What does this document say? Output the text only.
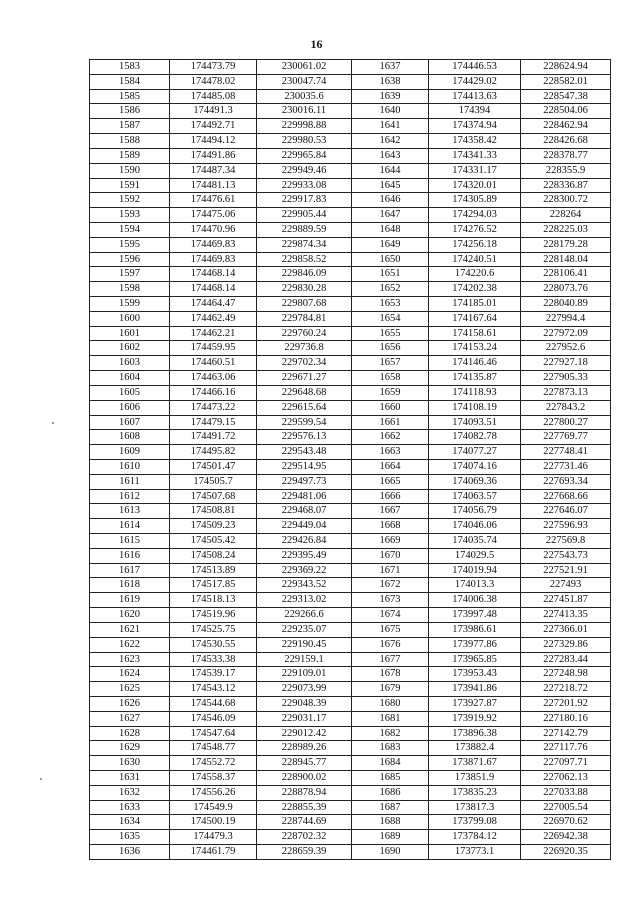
16
1583	174473.79	230061.02	1637	174446.53	228624.94
1584	174478.02	230047.74	1638	174429.02	228582.01
1585	174485.08	230035.6	1639	174413.63	228547.38
1586	174491.3	230016.11	1640	174394	228504.06
1587	174492.71	229998.88	1641	174374.94	228462.94
1588	174494.12	229980.53	1642	174358.42	228426.68
1589	174491.86	229965.84	1643	174341.33	228378.77
1590	174487.34	229949.46	1644	174331.17	228355.9
1591	174481.13	229933.08	1645	174320.01	228336.87
1592	174476.61	229917.83	1646	174305.89	228300.72
1593	174475.06	229905.44	1647	174294.03	228264
1594	174470.96	229889.59	1648	174276.52	228225.03
1595	174469.83	229874.34	1649	174256.18	228179.28
1596	174469.83	229858.52	1650	174240.51	228148.04
1597	174468.14	229846.09	1651	174220.6	228106.41
1598	174468.14	229830.28	1652	174202.38	228073.76
1599	174464.47	229807.68	1653	174185.01	228040.89
1600	174462.49	229784.81	1654	174167.64	227994.4
1601	174462.21	229760.24	1655	174158.61	227972.09
1602	174459.95	229736.8	1656	174153.24	227952.6
1603	174460.51	229702.34	1657	174146.46	227927.18
1604	174463.06	229671.27	1658	174135.87	227905.33
1605	174466.16	229648.68	1659	174118.93	227873.13
1606	174473.22	229615.64	1660	174108.19	227843.2
1607	174479.15	229599.54	1661	174093.51	227800.27
1608	174491.72	229576.13	1662	174082.78	227769.77
1609	174495.82	229543.48	1663	174077.27	227748.41
1610	174501.47	229514.95	1664	174074.16	227731.46
1611	174505.7	229497.73	1665	174069.36	227693.34
1612	174507.68	229481.06	1666	174063.57	227668.66
1613	174508.81	229468.07	1667	174056.79	227646.07
1614	174509.23	229449.04	1668	174046.06	227596.93
1615	174505.42	229426.84	1669	174035.74	227569.8
1616	174508.24	229395.49	1670	174029.5	227543.73
1617	174513.89	229369.22	1671	174019.94	227521.91
1618	174517.85	229343.52	1672	174013.3	227493
1619	174518.13	229313.02	1673	174006.38	227451.87
1620	174519.96	229266.6	1674	173997.48	227413.35
1621	174525.75	229235.07	1675	173986.61	227366.01
1622	174530.55	229190.45	1676	173977.86	227329.86
1623	174533.38	229159.1	1677	173965.85	227283.44
1624	174539.17	229109.01	1678	173953.43	227248.98
1625	174543.12	229073.99	1679	173941.86	227218.72
1626	174544.68	229048.39	1680	173927.87	227201.92
1627	174546.09	229031.17	1681	173919.92	227180.16
1628	174547.64	229012.42	1682	173896.38	227142.79
1629	174548.77	228989.26	1683	173882.4	227117.76
1630	174552.72	228945.77	1684	173871.67	227097.71
1631	174558.37	228900.02	1685	173851.9	227062.13
1632	174556.26	228878.94	1686	173835.23	227033.88
1633	174549.9	228855.39	1687	173817.3	227005.54
1634	174500.19	228744.69	1688	173799.08	226970.62
1635	174479.3	228702.32	1689	173784.12	226942.38
1636	174461.79	228659.39	1690	173773.1	226920.35
